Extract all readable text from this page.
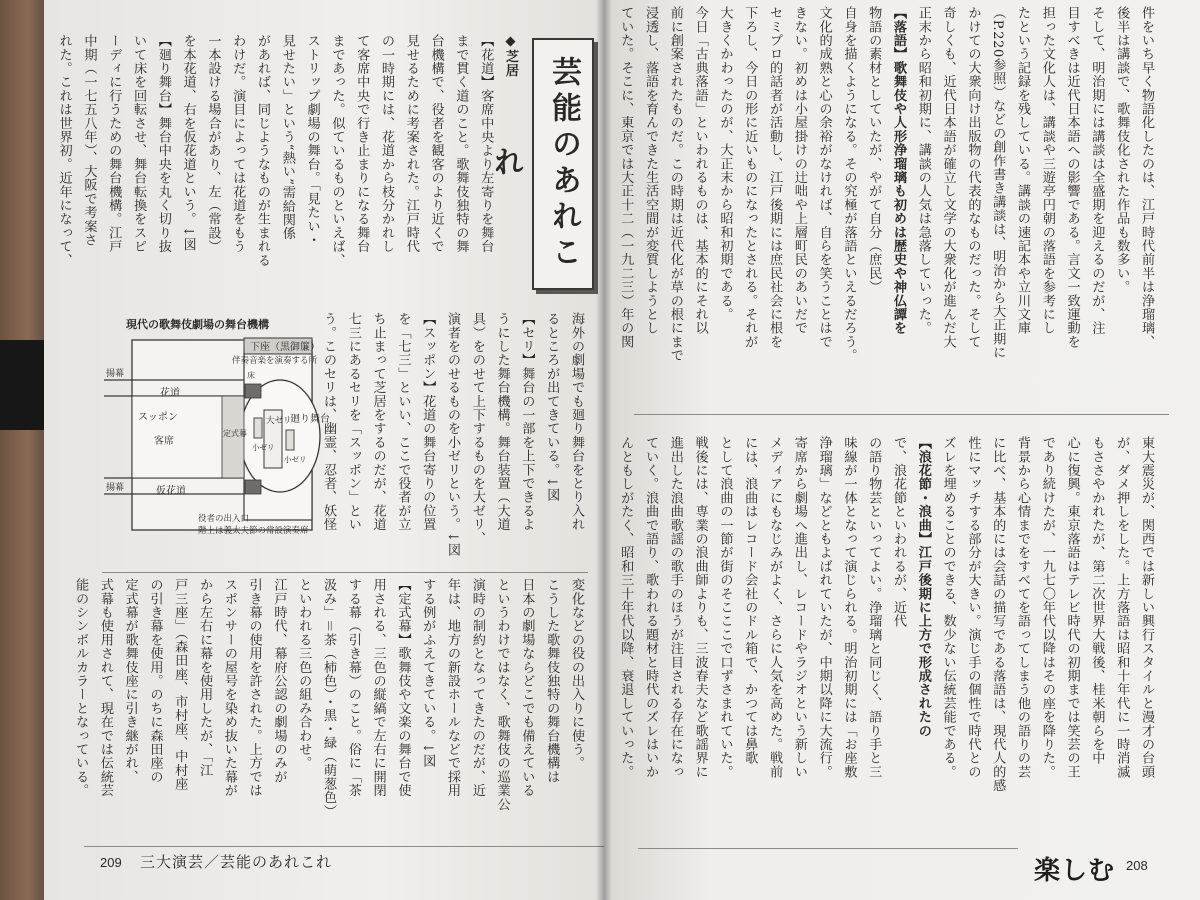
芸能のあれこれ

◆芝居

【花道】客席中央より左寄りを舞台

まで貫く道のこと。歌舞伎独特の舞

台機構で、役者を観客のより近くで

見せるために考案された。江戸時代

の一時期には、花道から枝分かれし

て客席中央で行き止まりになる舞台

まであった。似ているものといえば、

ストリップ劇場の舞台。「見たい・

見せたい」という“熱い”需給関係

があれば、同じようなものが生まれる

わけだ。演目によっては花道をもう

一本設ける場合があり、左（常設）

を本花道、右を仮花道という。↓図

【廻り舞台】舞台中央を丸く切り抜

いて床を回転させ、舞台転換をスピ

ーディに行うための舞台機構。江戸

中期（一七五八年）、大阪で考案さ

れた。これは世界初。近年になって、

現代の歌舞伎劇場の舞台機構
下座（黒御簾）
伴奏音楽を演奏する所
揚幕
揚幕
花道
スッポン
客席
仮花道
廻り舞台
大ゼリ
小ゼリ
小ゼリ
定式幕
床
役者の出入口
階上は義太夫節の常設演奏席	海外の劇場でも廻り舞台をとり入れ

るところが出てきている。↓図

【セリ】舞台の一部を上下できるよ

うにした舞台機構。舞台装置（大道

具）をのせて上下するものを大ゼリ、

演者をのせるものを小ゼリという。↓図

【スッポン】花道の舞台寄りの位置

を「七三」といい、ここで役者が立

ち止まって芝居をするのだが、花道

七三にあるセリを「スッポン」とい

う。このセリは、幽霊、忍者、妖怪

変化などの役の出入りに使う。

こうした歌舞伎独特の舞台機構は

日本の劇場ならどこでも備えている

というわけではなく、歌舞伎の巡業公

演時の制約となってきたのだが、近

年は、地方の新設ホールなどで採用

する例がふえてきている。↓図

【定式幕】歌舞伎や文楽の舞台で使

用される、三色の縦縞で左右に開閉

する幕（引き幕）のこと。俗に「茶

汲み」＝茶（柿色）・黒・緑（萌葱色）

といわれる三色の組み合わせ。

江戸時代、幕府公認の劇場のみが

引き幕の使用を許された。上方では

スポンサーの屋号を染め抜いた幕が

から左右に幕を使用したが、「江

戸三座」（森田座、市村座、中村座

の引き幕を使用。のちに森田座の

定式幕が歌舞伎座に引き継がれ、

式幕も使用されて、現在では伝統芸

能のシンボルカラーとなっている。

209 三大演芸／芸能のあれこれ

件をいち早く物語化したのは、江戸時代前半は浄瑠璃、

後半は講談で、歌舞伎化された作品も数多い。

そして、明治期には講談は全盛期を迎えるのだが、注

目すべきは近代日本語への影響である。言文一致運動を

担った文化人は、講談や三遊亭円朝の落語を参考にし

たという記録を残している。講談の速記本や立川文庫

（P.220参照）などの創作書き講談は、明治から大正期に

かけての大衆向け出版物の代表的なものだった。そして

奇しくも、近代日本語が確立し文学の大衆化が進んだ大

正末から昭和初期に、講談の人気は急落していった。

【落語】歌舞伎や人形浄瑠璃も初めは歴史や神仏譚を

物語の素材としていたが、やがて自分（庶民）

自身を描くようになる。その究極が落語といえるだろう。

文化的成熟と心の余裕がなければ、自らを笑うことはで

きない。初めは小屋掛けの辻咄や上層町民のあいだで

セミプロ的話者が活動し、江戸後期には庶民社会に根を

下ろし、今日の形に近いものになったとされる。それが

大きくかわったのが、大正末から昭和初期である。

今日「古典落語」といわれるものは、基本的にそれ以

前に創案されたものだ。この時期は近代化が草の根にまで

浸透し、落語を育んできた生活空間が変質しようとし

ていた。そこに、東京では大正十二（一九二三）年の関

東大震災が、関西では新しい興行スタイルと漫才の台頭

が、ダメ押しをした。上方落語は昭和十年代に一時消滅

もささやかれたが、第二次世界大戦後、桂米朝らを中

心に復興。東京落語はテレビ時代の初期までは笑芸の王

であり続けたが、一九七〇年代以降はその座を降りた。

背景から心情までをすべてを語ってしまう他の語りの芸

に比べ、基本的には会話の描写である落語は、現代人的感

性にマッチする部分が大きい。演じ手の個性で時代との

ズレを埋めることのできる、数少ない伝統芸能である。

【浪花節・浪曲】江戸後期に上方で形成されたの

で、浪花節といわれるが、近代

の語り物芸といってよい。浄瑠璃と同じく、語り手と三

味線が一体となって演じられる。明治初期には「お座敷

浄瑠璃」などともよばれていたが、中期以降に大流行。

寄席から劇場へ進出し、レコードやラジオという新しい

メディアにもなじみがよく、さらに人気を高めた。戦前

には、浪曲はレコード会社のドル箱で、かつては鼻歌

として浪曲の一節が街のそこここで口ずさまれていた。

戦後には、専業の浪曲師よりも、三波春夫など歌謡界に

進出した浪曲歌謡の歌手のほうが注目される存在になっ

ていく。浪曲で語り、歌われる題材と時代のズレはいか

んともしがたく、昭和三十年代以降、衰退していった。

楽しむ 208
